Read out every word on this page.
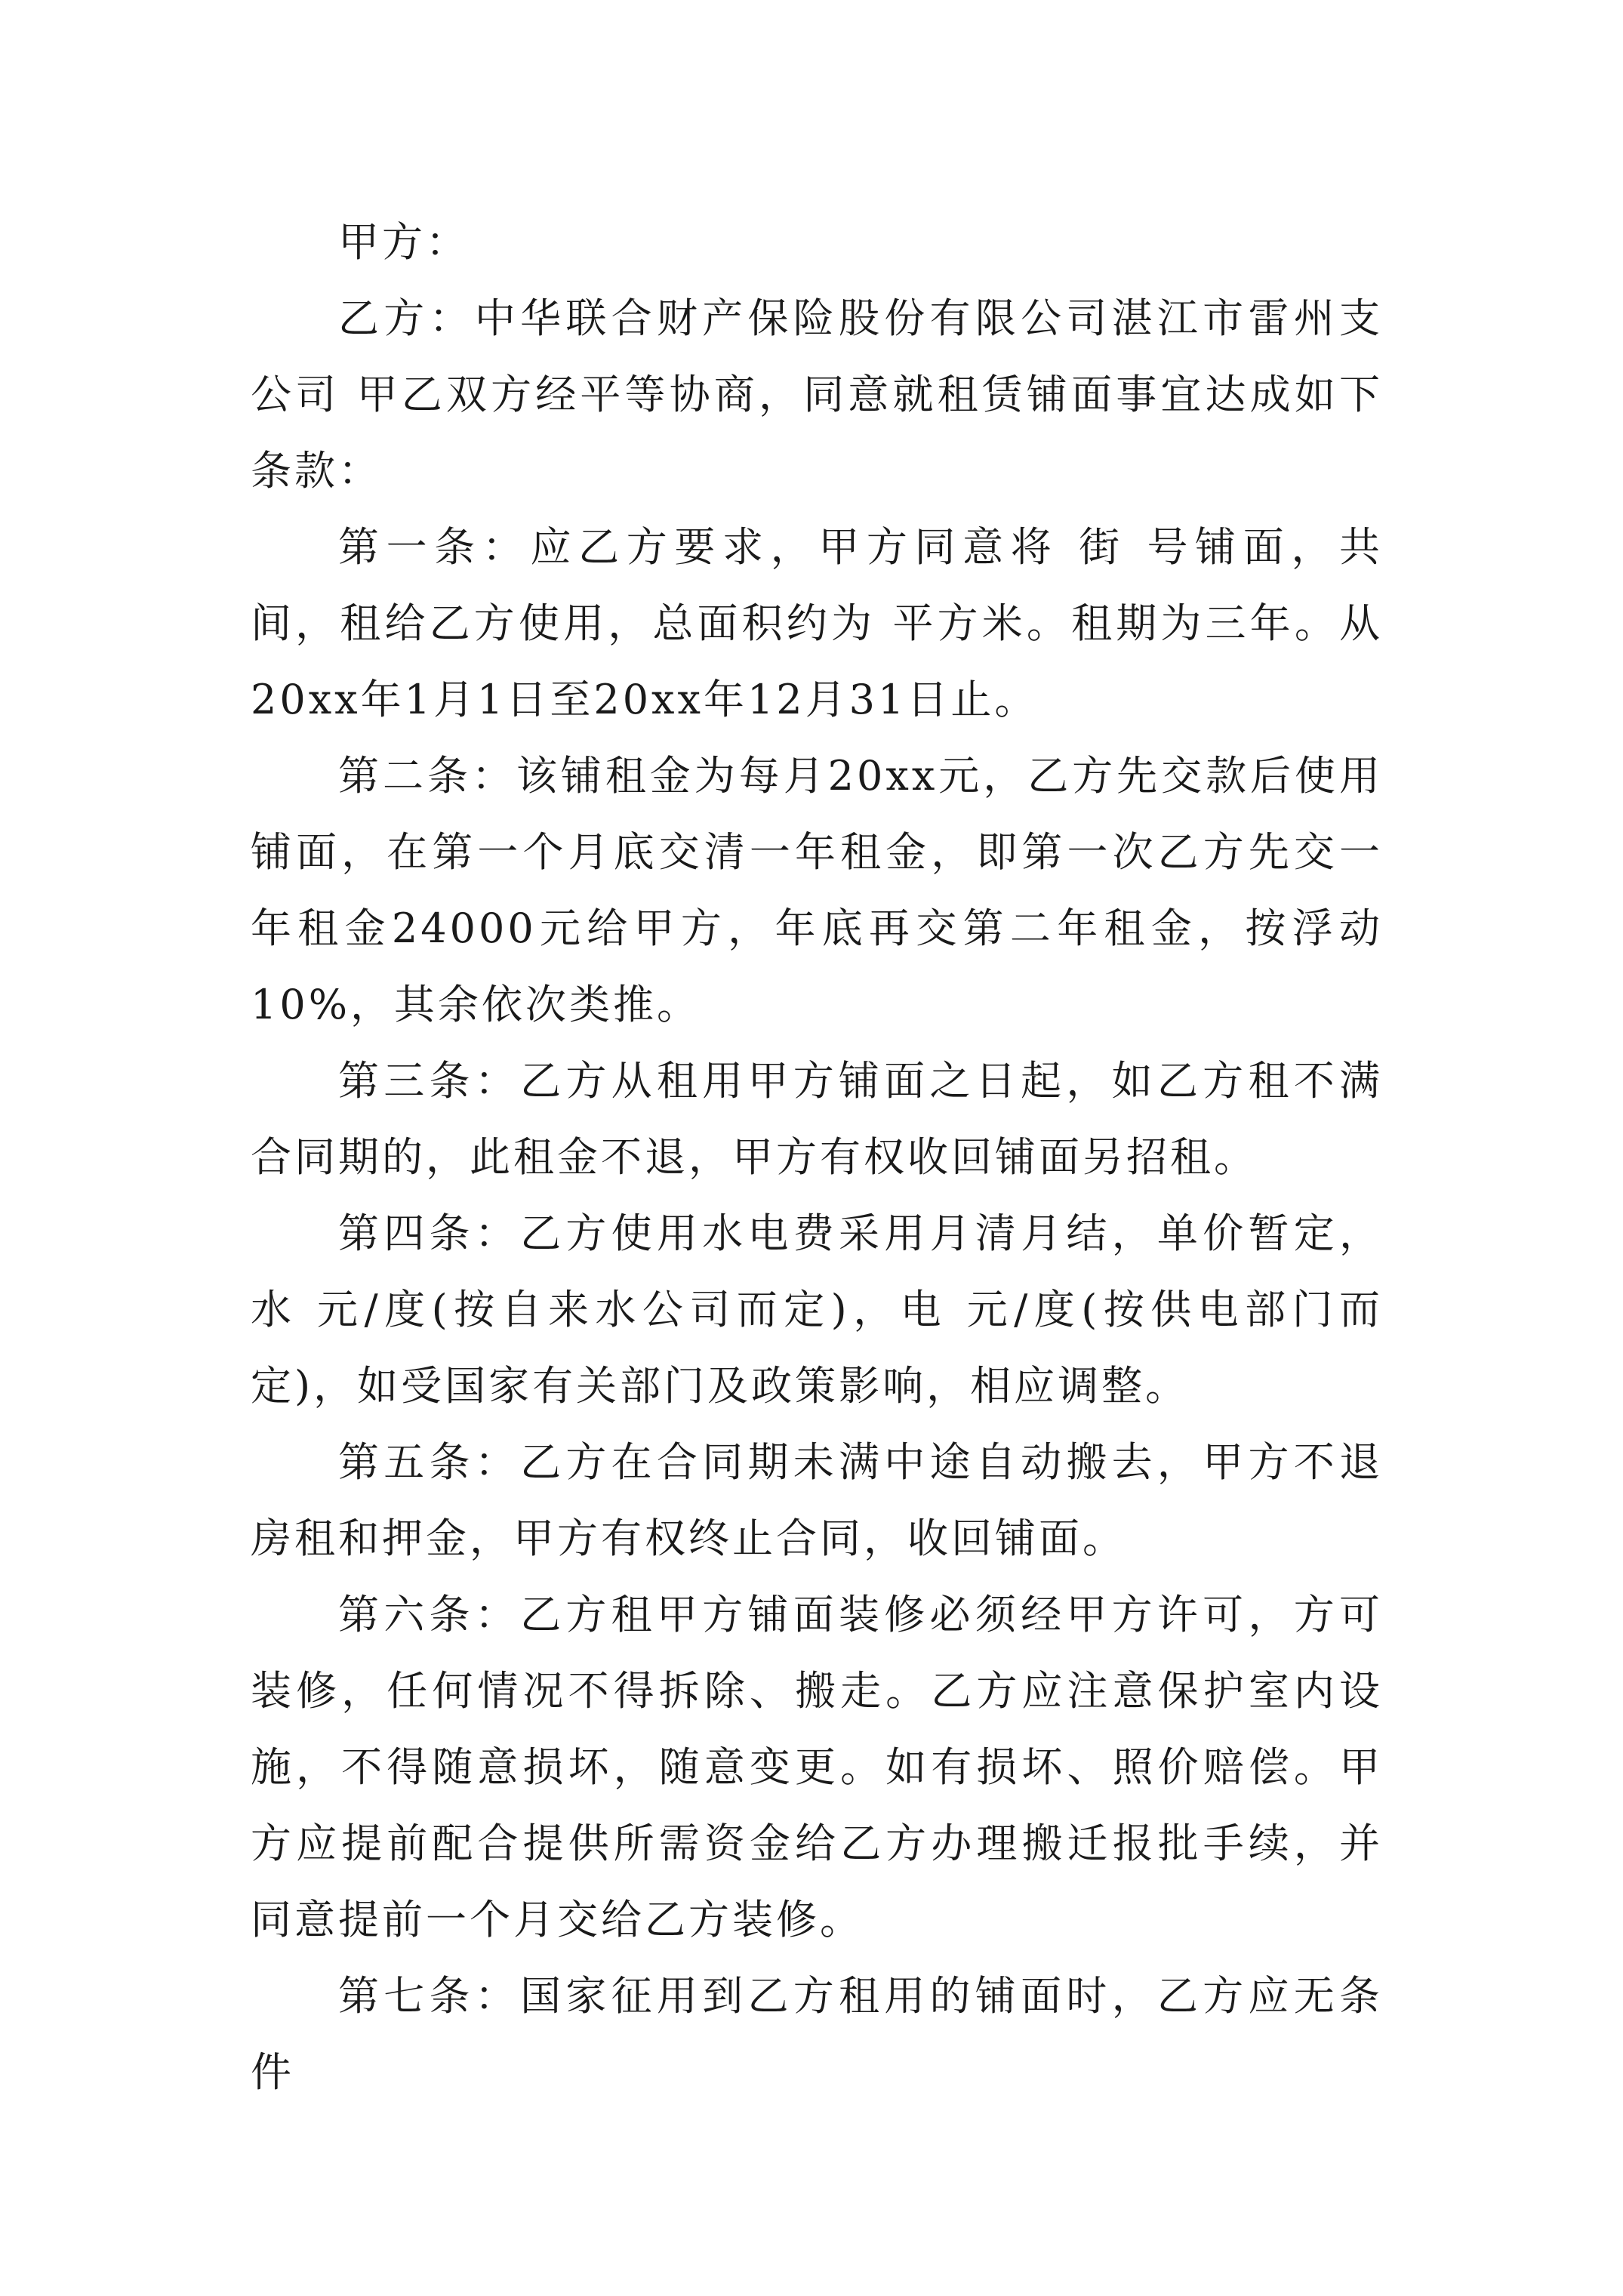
甲方：

乙方：中华联合财产保险股份有限公司湛江市雷州支公司 甲乙双方经平等协商，同意就租赁铺面事宜达成如下条款：

第一条：应乙方要求，甲方同意将 街 号铺面，共 间，租给乙方使用，总面积约为 平方米。租期为三年。从20xx年1月1日至20xx年12月31日止。

第二条：该铺租金为每月20xx元，乙方先交款后使用铺面，在第一个月底交清一年租金，即第一次乙方先交一年租金24000元给甲方，年底再交第二年租金，按浮动10%，其余依次类推。

第三条：乙方从租用甲方铺面之日起，如乙方租不满合同期的，此租金不退，甲方有权收回铺面另招租。

第四条：乙方使用水电费采用月清月结，单价暂定，水 元/度(按自来水公司而定)，电 元/度(按供电部门而定)，如受国家有关部门及政策影响，相应调整。

第五条：乙方在合同期未满中途自动搬去，甲方不退房租和押金，甲方有权终止合同，收回铺面。

第六条：乙方租甲方铺面装修必须经甲方许可，方可装修，任何情况不得拆除、搬走。乙方应注意保护室内设施，不得随意损坏，随意变更。如有损坏、照价赔偿。甲方应提前配合提供所需资金给乙方办理搬迁报批手续，并同意提前一个月交给乙方装修。

第七条：国家征用到乙方租用的铺面时，乙方应无条件
